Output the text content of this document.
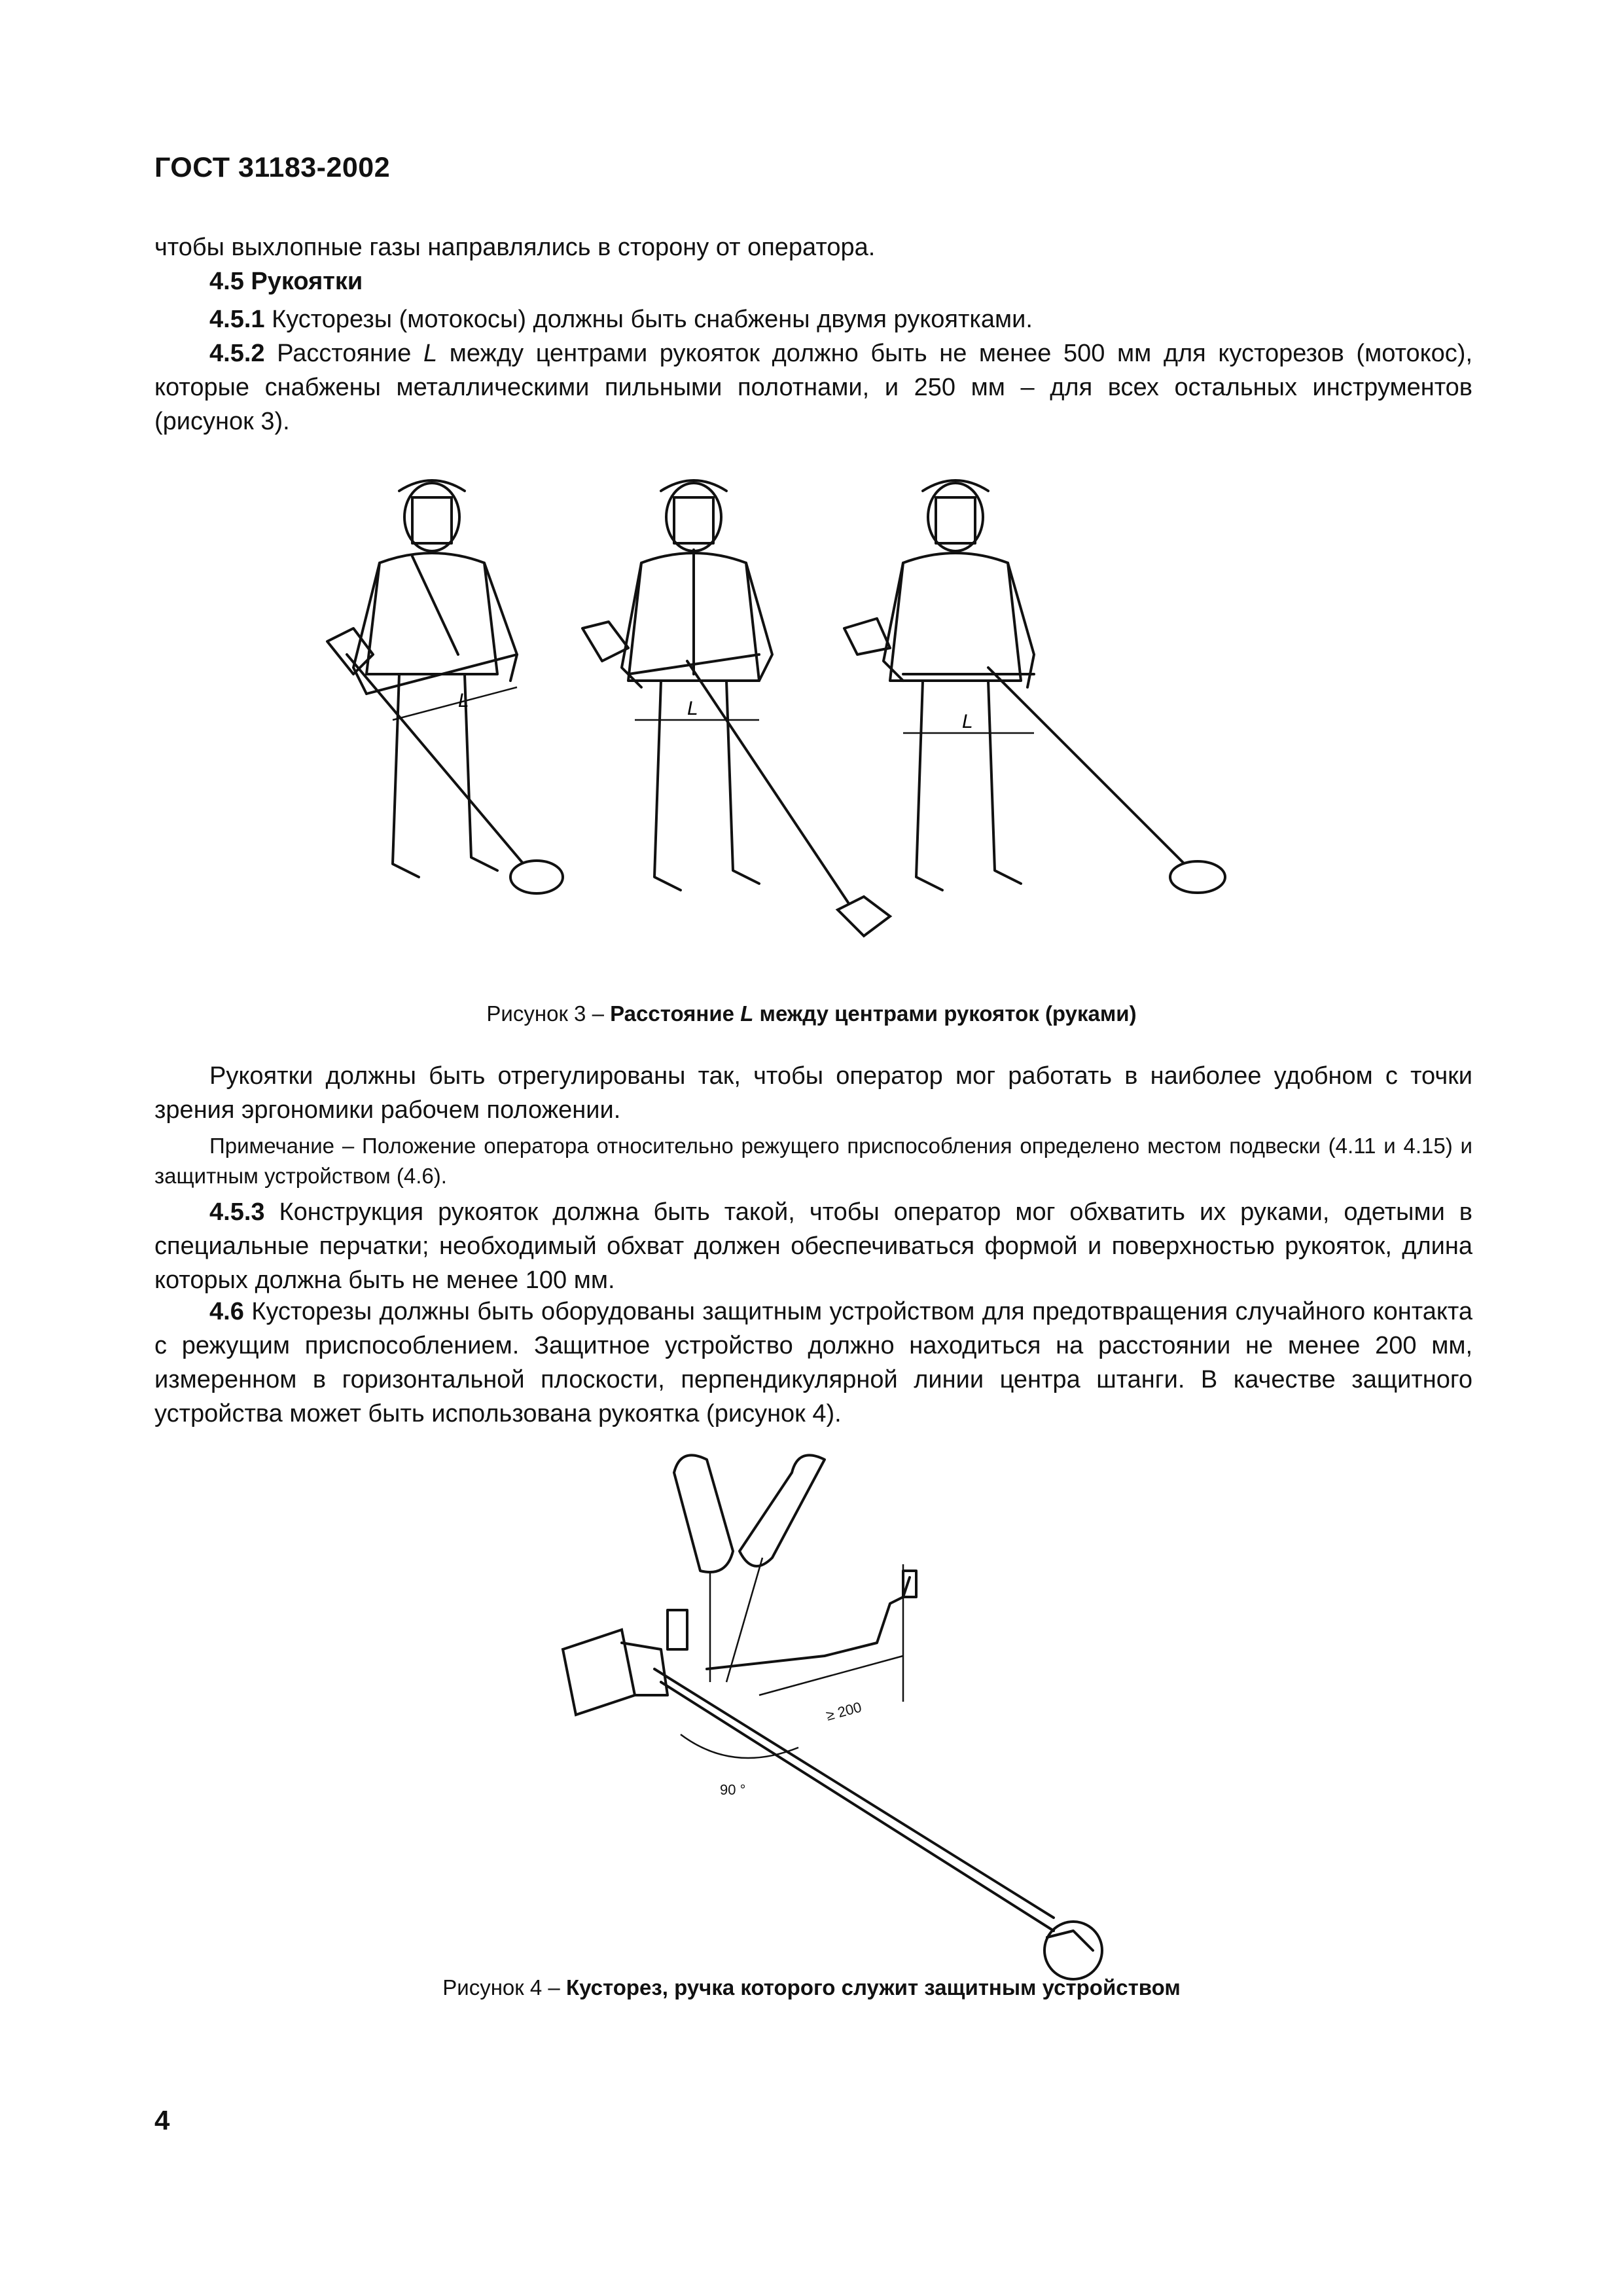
ГОСТ 31183-2002
чтобы выхлопные газы направлялись в сторону от оператора.
4.5 Рукоятки
4.5.1 Кусторезы (мотокосы) должны быть снабжены двумя рукоятками.
4.5.2 Расстояние L между центрами рукояток должно быть не менее 500 мм для кусторезов (мотокос), которые снабжены металлическими пильными полотнами, и 250 мм – для всех остальных инструментов (рисунок 3).
L	L
L
Рисунок 3 – Расстояние L между центрами рукояток (руками)
Рукоятки должны быть отрегулированы так, чтобы оператор мог работать в наиболее удобном с точки зрения эргономики рабочем положении.
Примечание – Положение оператора относительно режущего приспособления определено местом подвески (4.11 и 4.15) и защитным устройством (4.6).
4.5.3 Конструкция рукояток должна быть такой, чтобы оператор мог обхватить их руками, одетыми в специальные перчатки; необходимый обхват должен обеспечиваться формой и поверхностью рукояток, длина которых должна быть не менее 100 мм.
4.6 Кусторезы должны быть оборудованы защитным устройством для предотвращения случайного контакта с режущим приспособлением. Защитное устройство должно находиться на расстоянии не менее 200 мм, измеренном в горизонтальной плоскости, перпендикулярной линии центра штанги. В качестве защитного устройства может быть использована рукоятка (рисунок 4).
≥ 200
90 °
Рисунок 4 – Кусторез, ручка которого служит защитным устройством
4
